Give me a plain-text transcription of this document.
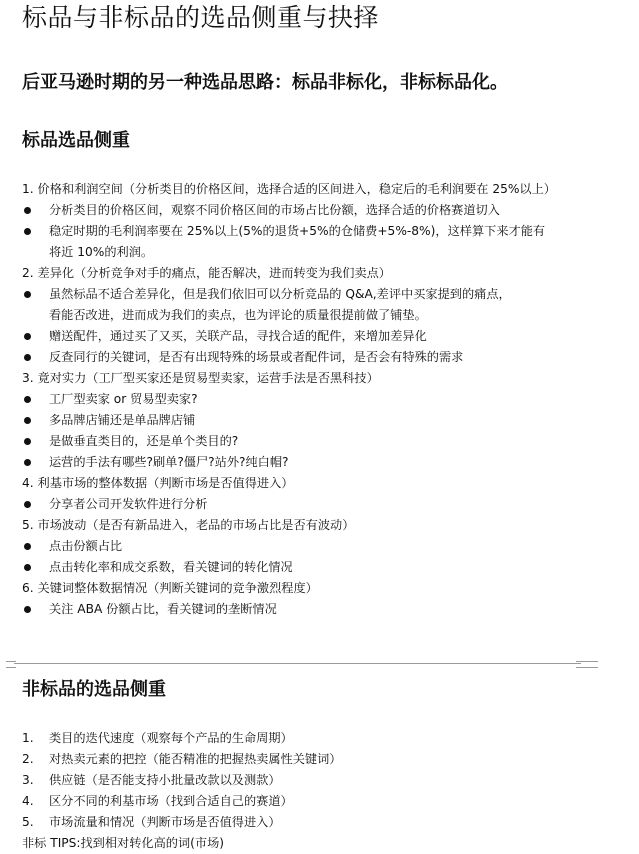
标品与非标品的选品侧重与抉择
后亚马逊时期的另一种选品思路：标品非标化，非标标品化。
标品选品侧重
1. 价格和利润空间（分析类目的价格区间，选择合适的区间进入，稳定后的毛利润要在 25%以上）
分析类目的价格区间，观察不同价格区间的市场占比份额，选择合适的价格赛道切入
稳定时期的毛利润率要在 25%以上(5%的退货+5%的仓储费+5%-8%)，这样算下来才能有
将近 10%的利润。
2. 差异化（分析竞争对手的痛点，能否解决，进而转变为我们卖点）
虽然标品不适合差异化，但是我们依旧可以分析竞品的 Q&A,差评中买家提到的痛点，
看能否改进，进而成为我们的卖点，也为评论的质量很提前做了铺垫。
赠送配件，通过买了又买，关联产品，寻找合适的配件，来增加差异化
反查同行的关键词，是否有出现特殊的场景或者配件词，是否会有特殊的需求
3. 竟对实力（工厂型买家还是贸易型卖家，运营手法是否黑科技）
工厂型卖家 or 贸易型卖家?
多品牌店铺还是单品牌店铺
是做垂直类目的，还是单个类目的?
运营的手法有哪些?刷单?僵尸?站外?纯白帽?
4. 利基市场的整体数据（判断市场是否值得进入）
分享者公司开发软件进行分析
5. 市场波动（是否有新品进入，老品的市场占比是否有波动）
点击份额占比
点击转化率和成交系数，看关键词的转化情况
6. 关键词整体数据情况（判断关键词的竞争激烈程度）
关注 ABA 份额占比，看关键词的垄断情况
非标品的选品侧重
1.	类目的迭代速度（观察每个产品的生命周期）
2.	对热卖元素的把控（能否精准的把握热卖属性关键词）
3.	供应链（是否能支持小批量改款以及测款）
4.	区分不同的利基市场（找到合适自己的赛道）
5.	市场流量和情况（判断市场是否值得进入）
非标 TIPS:找到相对转化高的词(市场)
